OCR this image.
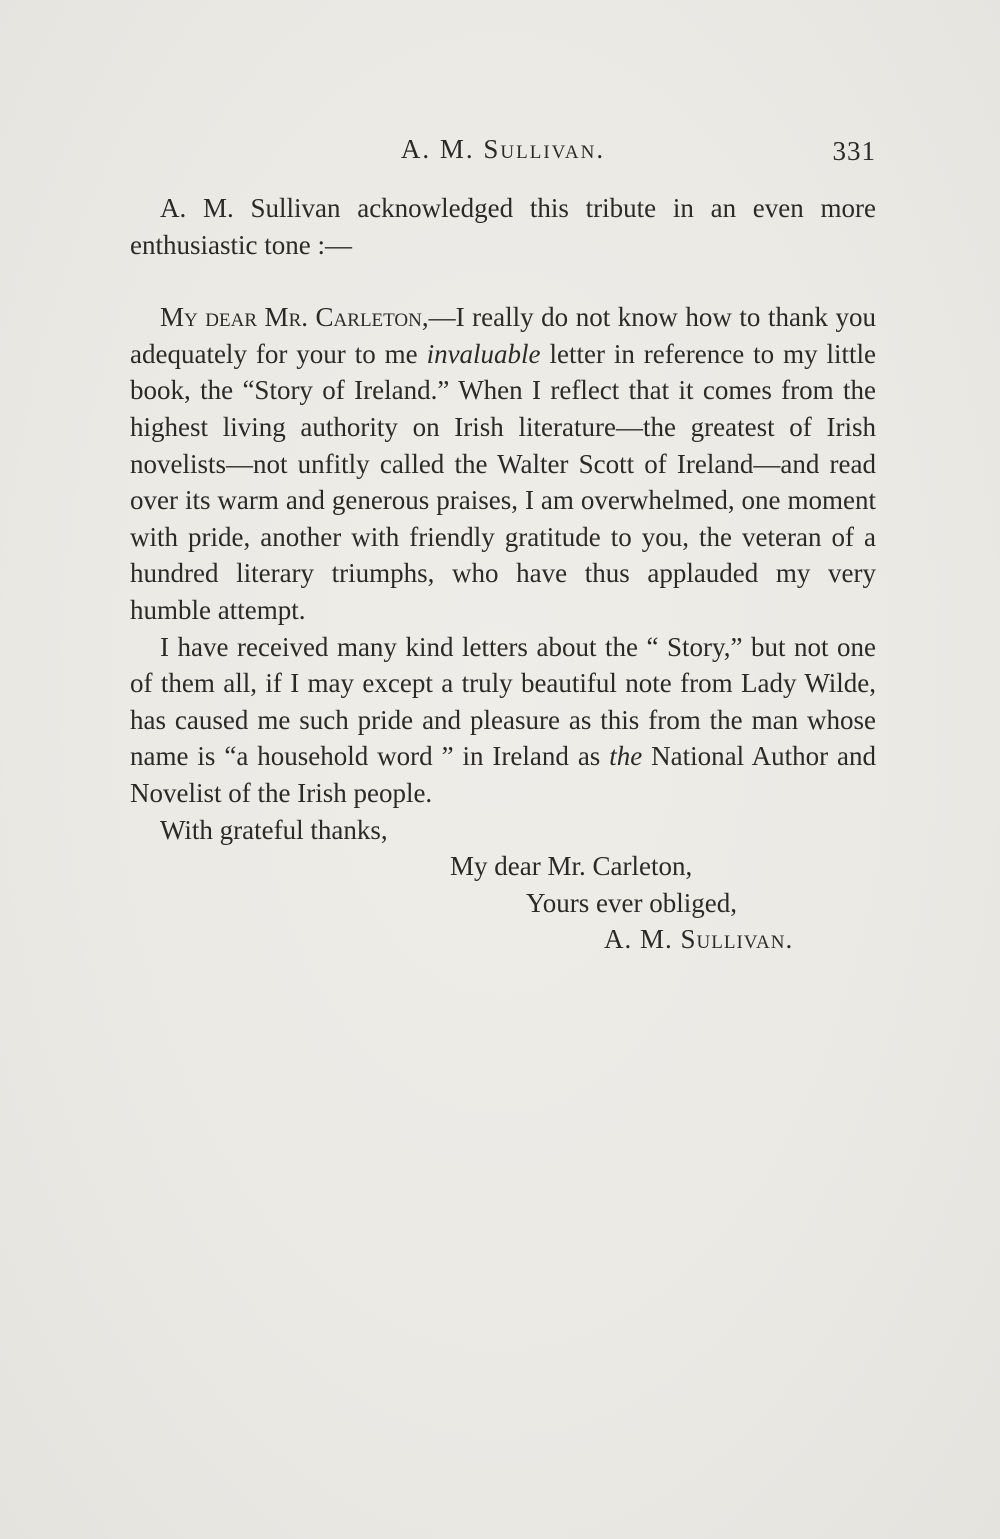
A. M. Sullivan.	331

A. M. Sullivan acknowledged this tribute in an even more enthusiastic tone :—

My dear Mr. Carleton,—I really do not know how to thank you adequately for your to me invaluable letter in reference to my little book, the “Story of Ireland.” When I reflect that it comes from the highest living authority on Irish literature—the greatest of Irish novelists—not unfitly called the Walter Scott of Ireland—and read over its warm and generous praises, I am overwhelmed, one moment with pride, another with friendly gratitude to you, the veteran of a hundred literary triumphs, who have thus applauded my very humble attempt.

I have received many kind letters about the “ Story,” but not one of them all, if I may except a truly beautiful note from Lady Wilde, has caused me such pride and pleasure as this from the man whose name is “a household word ” in Ireland as the National Author and Novelist of the Irish people.

With grateful thanks,

My dear Mr. Carleton,
Yours ever obliged,
A. M. Sullivan.
